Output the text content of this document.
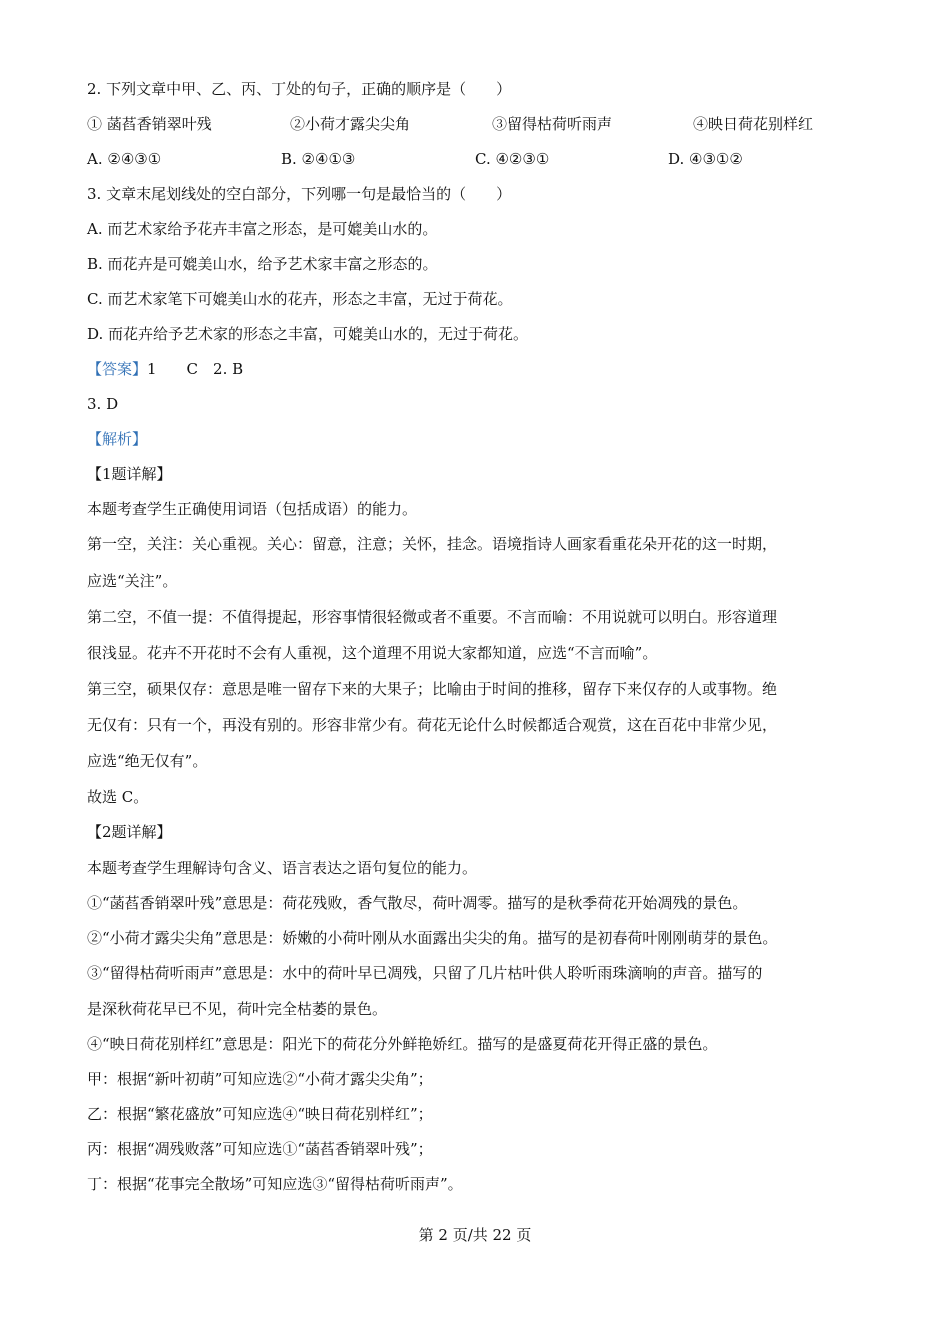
2. 下列文章中甲、乙、丙、丁处的句子，正确的顺序是（　　）
① 菡萏香销翠叶残	②小荷才露尖尖角	③留得枯荷听雨声	④映日荷花别样红
A. ②④③①	B. ②④①③	C. ④②③①	D. ④③①②
3. 文章末尾划线处的空白部分，下列哪一句是最恰当的（　　）
A. 而艺术家给予花卉丰富之形态，是可媲美山水的。
B. 而花卉是可媲美山水，给予艺术家丰富之形态的。
C. 而艺术家笔下可媲美山水的花卉，形态之丰富，无过于荷花。
D. 而花卉给予艺术家的形态之丰富，可媲美山水的，无过于荷花。
【答案】1　　C　2. B
3. D
【解析】
【1题详解】
本题考查学生正确使用词语（包括成语）的能力。
第一空，关注：关心重视。关心：留意，注意；关怀，挂念。语境指诗人画家看重花朵开花的这一时期，
应选“关注”。
第二空，不值一提：不值得提起，形容事情很轻微或者不重要。不言而喻：不用说就可以明白。形容道理
很浅显。花卉不开花时不会有人重视，这个道理不用说大家都知道，应选“不言而喻”。
第三空，硕果仅存：意思是唯一留存下来的大果子；比喻由于时间的推移，留存下来仅存的人或事物。绝
无仅有：只有一个，再没有别的。形容非常少有。荷花无论什么时候都适合观赏，这在百花中非常少见，
应选“绝无仅有”。
故选 C。
【2题详解】
本题考查学生理解诗句含义、语言表达之语句复位的能力。
①“菡萏香销翠叶残”意思是：荷花残败，香气散尽，荷叶凋零。描写的是秋季荷花开始凋残的景色。
②“小荷才露尖尖角”意思是：娇嫩的小荷叶刚从水面露出尖尖的角。描写的是初春荷叶刚刚萌芽的景色。
③“留得枯荷听雨声”意思是：水中的荷叶早已凋残，只留了几片枯叶供人聆听雨珠滴响的声音。描写的
是深秋荷花早已不见，荷叶完全枯萎的景色。
④“映日荷花别样红”意思是：阳光下的荷花分外鲜艳娇红。描写的是盛夏荷花开得正盛的景色。
甲：根据“新叶初萌”可知应选②“小荷才露尖尖角”；
乙：根据“繁花盛放”可知应选④“映日荷花别样红”；
丙：根据“凋残败落”可知应选①“菡萏香销翠叶残”；
丁：根据“花事完全散场”可知应选③“留得枯荷听雨声”。
第 2 页/共 22 页
